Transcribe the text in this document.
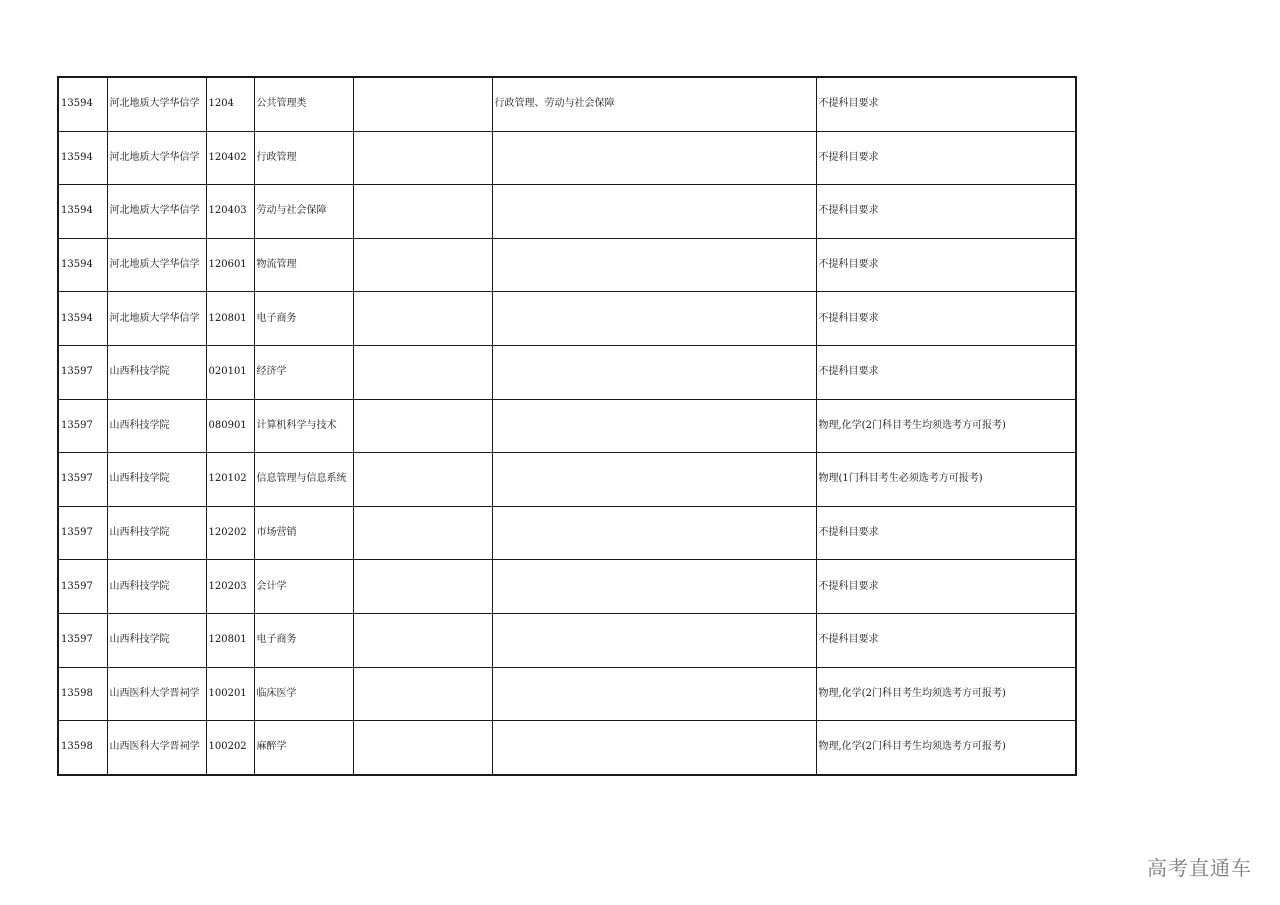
13594	河北地质大学华信学	1204	公共管理类		行政管理、劳动与社会保障	不提科目要求
13594	河北地质大学华信学	120402	行政管理			不提科目要求
13594	河北地质大学华信学	120403	劳动与社会保障			不提科目要求
13594	河北地质大学华信学	120601	物流管理			不提科目要求
13594	河北地质大学华信学	120801	电子商务			不提科目要求
13597	山西科技学院	020101	经济学			不提科目要求
13597	山西科技学院	080901	计算机科学与技术			物理,化学(2门科目考生均须选考方可报考)
13597	山西科技学院	120102	信息管理与信息系统			物理(1门科目考生必须选考方可报考)
13597	山西科技学院	120202	市场营销			不提科目要求
13597	山西科技学院	120203	会计学			不提科目要求
13597	山西科技学院	120801	电子商务			不提科目要求
13598	山西医科大学晋祠学	100201	临床医学			物理,化学(2门科目考生均须选考方可报考)
13598	山西医科大学晋祠学	100202	麻醉学			物理,化学(2门科目考生均须选考方可报考)
高考直通车
